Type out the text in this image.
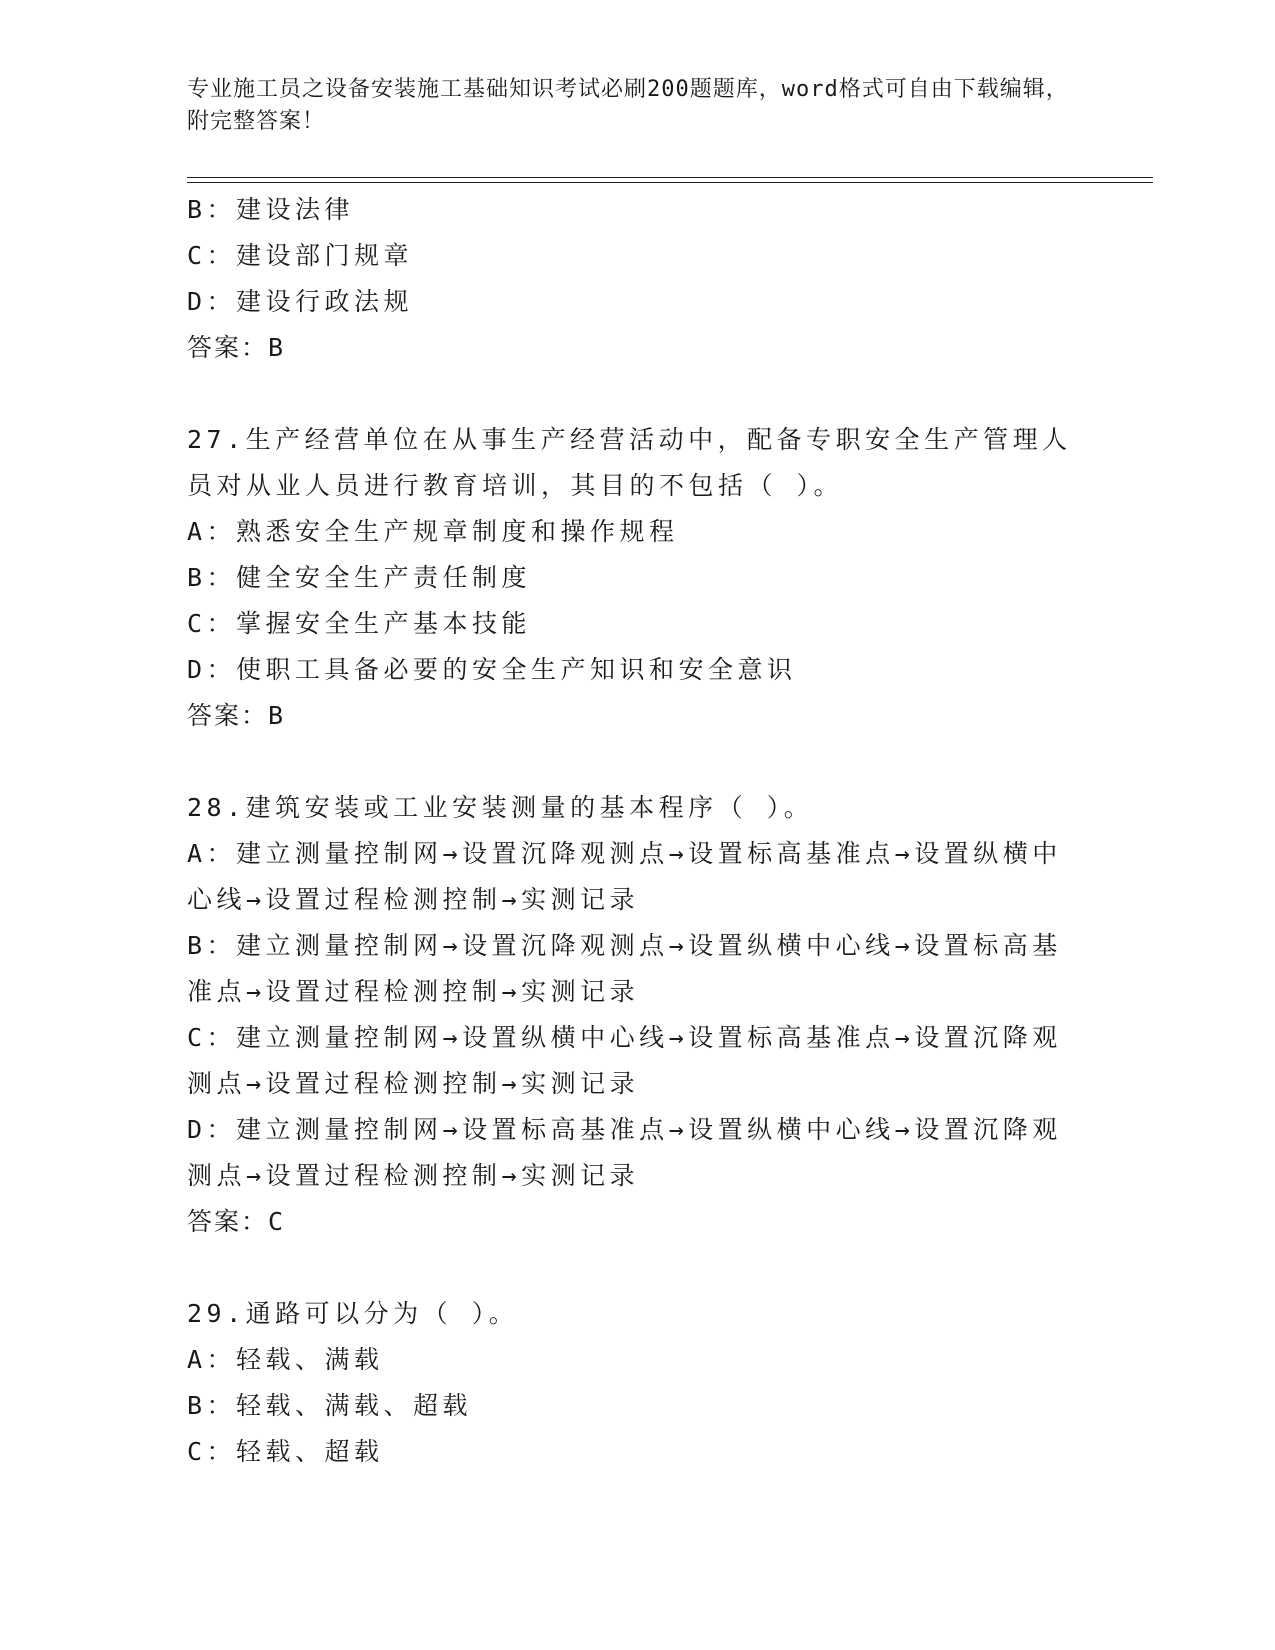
专业施工员之设备安装施工基础知识考试必刷200题题库，word格式可自由下载编辑，附完整答案！
B：建设法律
C：建设部门规章
D：建设行政法规
答案：B
27.生产经营单位在从事生产经营活动中，配备专职安全生产管理人员对从业人员进行教育培训，其目的不包括（ ）。
A：熟悉安全生产规章制度和操作规程
B：健全安全生产责任制度
C：掌握安全生产基本技能
D：使职工具备必要的安全生产知识和安全意识
答案：B
28.建筑安装或工业安装测量的基本程序（ ）。
A：建立测量控制网→设置沉降观测点→设置标高基准点→设置纵横中心线→设置过程检测控制→实测记录
B：建立测量控制网→设置沉降观测点→设置纵横中心线→设置标高基准点→设置过程检测控制→实测记录
C：建立测量控制网→设置纵横中心线→设置标高基准点→设置沉降观测点→设置过程检测控制→实测记录
D：建立测量控制网→设置标高基准点→设置纵横中心线→设置沉降观测点→设置过程检测控制→实测记录
答案：C
29.通路可以分为（ ）。
A：轻载、满载
B：轻载、满载、超载
C：轻载、超载
